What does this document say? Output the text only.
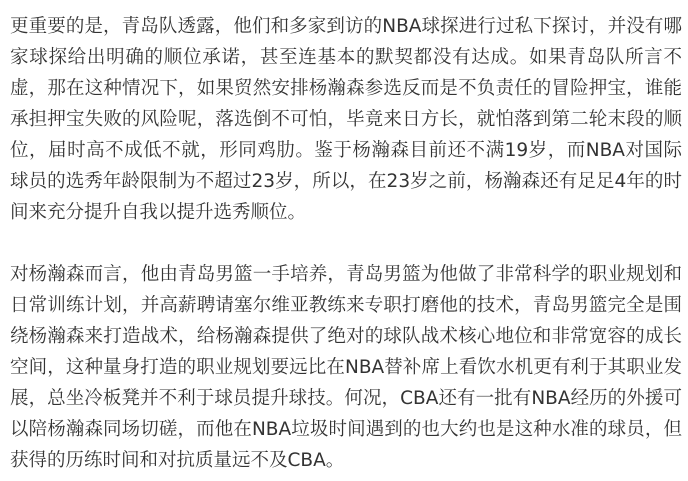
更重要的是，青岛队透露，他们和多家到访的NBA球探进行过私下探讨，并没有哪
家球探给出明确的顺位承诺，甚至连基本的默契都没有达成。如果青岛队所言不
虚，那在这种情况下，如果贸然安排杨瀚森参选反而是不负责任的冒险押宝，谁能
承担押宝失败的风险呢，落选倒不可怕，毕竟来日方长，就怕落到第二轮末段的顺
位，届时高不成低不就，形同鸡肋。鉴于杨瀚森目前还不满19岁，而NBA对国际
球员的选秀年龄限制为不超过23岁，所以，在23岁之前，杨瀚森还有足足4年的时
间来充分提升自我以提升选秀顺位。
对杨瀚森而言，他由青岛男篮一手培养，青岛男篮为他做了非常科学的职业规划和
日常训练计划，并高薪聘请塞尔维亚教练来专职打磨他的技术，青岛男篮完全是围
绕杨瀚森来打造战术，给杨瀚森提供了绝对的球队战术核心地位和非常宽容的成长
空间，这种量身打造的职业规划要远比在NBA替补席上看饮水机更有利于其职业发
展，总坐冷板凳并不利于球员提升球技。何况，CBA还有一批有NBA经历的外援可
以陪杨瀚森同场切磋，而他在NBA垃圾时间遇到的也大约也是这种水准的球员，但
获得的历练时间和对抗质量远不及CBA。
